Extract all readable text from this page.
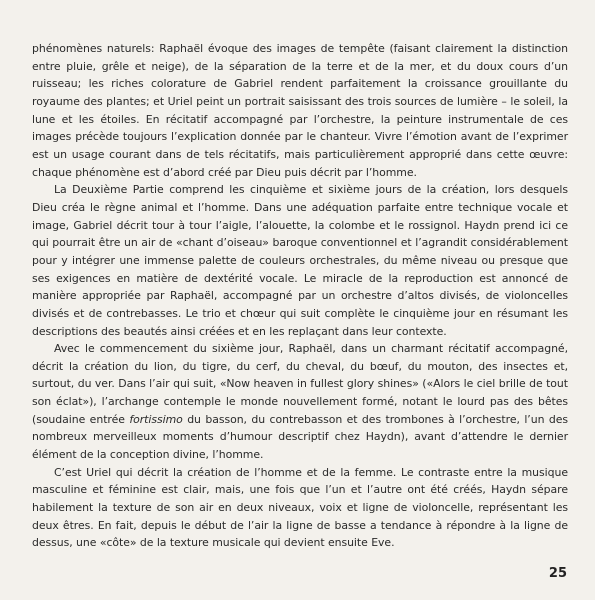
phénomènes naturels: Raphaël évoque des images de tempête (faisant clairement la distinction entre pluie, grêle et neige), de la séparation de la terre et de la mer, et du doux cours d’un ruisseau; les riches colorature de Gabriel rendent parfaitement la croissance grouillante du royaume des plantes; et Uriel peint un portrait saisissant des trois sources de lumière – le soleil, la lune et les étoiles. En récitatif accompagné par l’orchestre, la peinture instrumentale de ces images précède toujours l’explication donnée par le chanteur. Vivre l’émotion avant de l’exprimer est un usage courant dans de tels récitatifs, mais particulièrement approprié dans cette œuvre: chaque phénomène est d’abord créé par Dieu puis décrit par l’homme.

La Deuxième Partie comprend les cinquième et sixième jours de la création, lors desquels Dieu créa le règne animal et l’homme. Dans une adéquation parfaite entre technique vocale et image, Gabriel décrit tour à tour l’aigle, l’alouette, la colombe et le rossignol. Haydn prend ici ce qui pourrait être un air de «chant d’oiseau» baroque conventionnel et l’agrandit considérablement pour y intégrer une immense palette de couleurs orchestrales, du même niveau ou presque que ses exigences en matière de dextérité vocale. Le miracle de la reproduction est annoncé de manière appropriée par Raphaël, accompagné par un orchestre d’altos divisés, de violoncelles divisés et de contrebasses. Le trio et chœur qui suit complète le cinquième jour en résumant les descriptions des beautés ainsi créées et en les replaçant dans leur contexte.

Avec le commencement du sixième jour, Raphaël, dans un charmant récitatif accompagné, décrit la création du lion, du tigre, du cerf, du cheval, du bœuf, du mouton, des insectes et, surtout, du ver. Dans l’air qui suit, «Now heaven in fullest glory shines» («Alors le ciel brille de tout son éclat»), l’archange contemple le monde nouvellement formé, notant le lourd pas des bêtes (soudaine entrée fortissimo du basson, du contrebasson et des trombones à l’orchestre, l’un des nombreux merveilleux moments d’humour descriptif chez Haydn), avant d’attendre le dernier élément de la conception divine, l’homme.

C’est Uriel qui décrit la création de l’homme et de la femme. Le contraste entre la musique masculine et féminine est clair, mais, une fois que l’un et l’autre ont été créés, Haydn sépare habilement la texture de son air en deux niveaux, voix et ligne de violoncelle, représentant les deux êtres. En fait, depuis le début de l’air la ligne de basse a tendance à répondre à la ligne de dessus, une «côte» de la texture musicale qui devient ensuite Eve.

25
